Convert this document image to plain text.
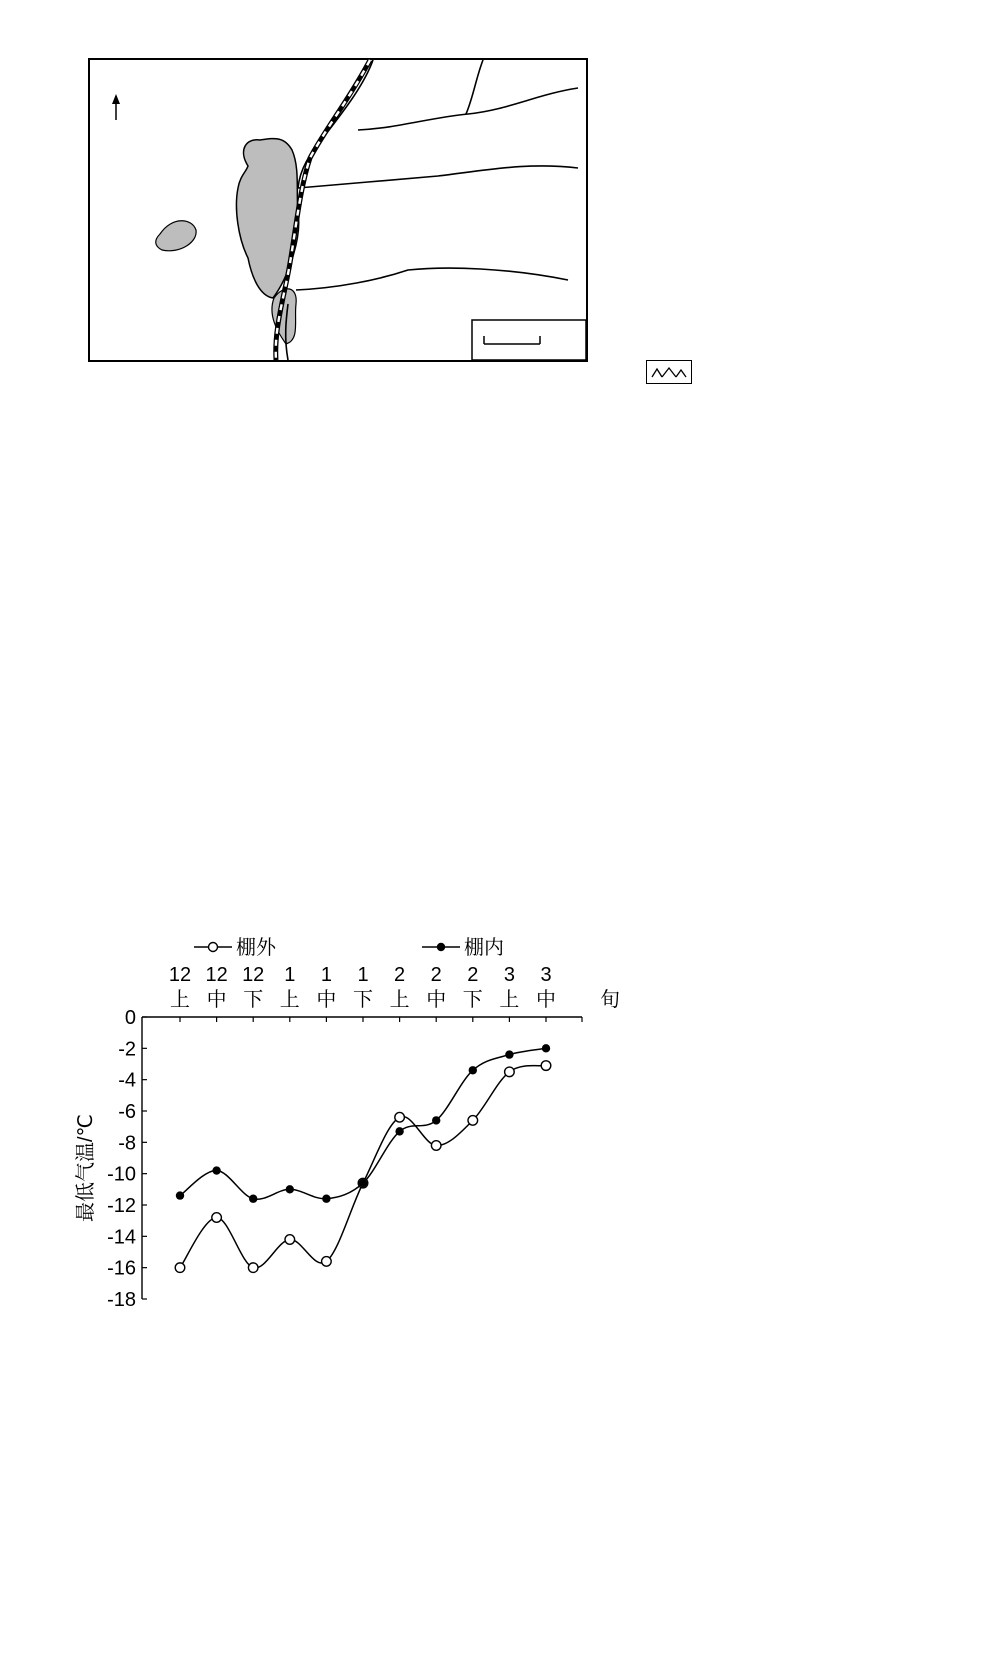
棚外	棚内
12
上
12
中
12
下
1
上
1
中
1
下
2
上
2
中
2
下
3
上
3
中 旬
0
-2
-4
-6
-8
-10
-12
-14
-16
-18
最低气温/℃
